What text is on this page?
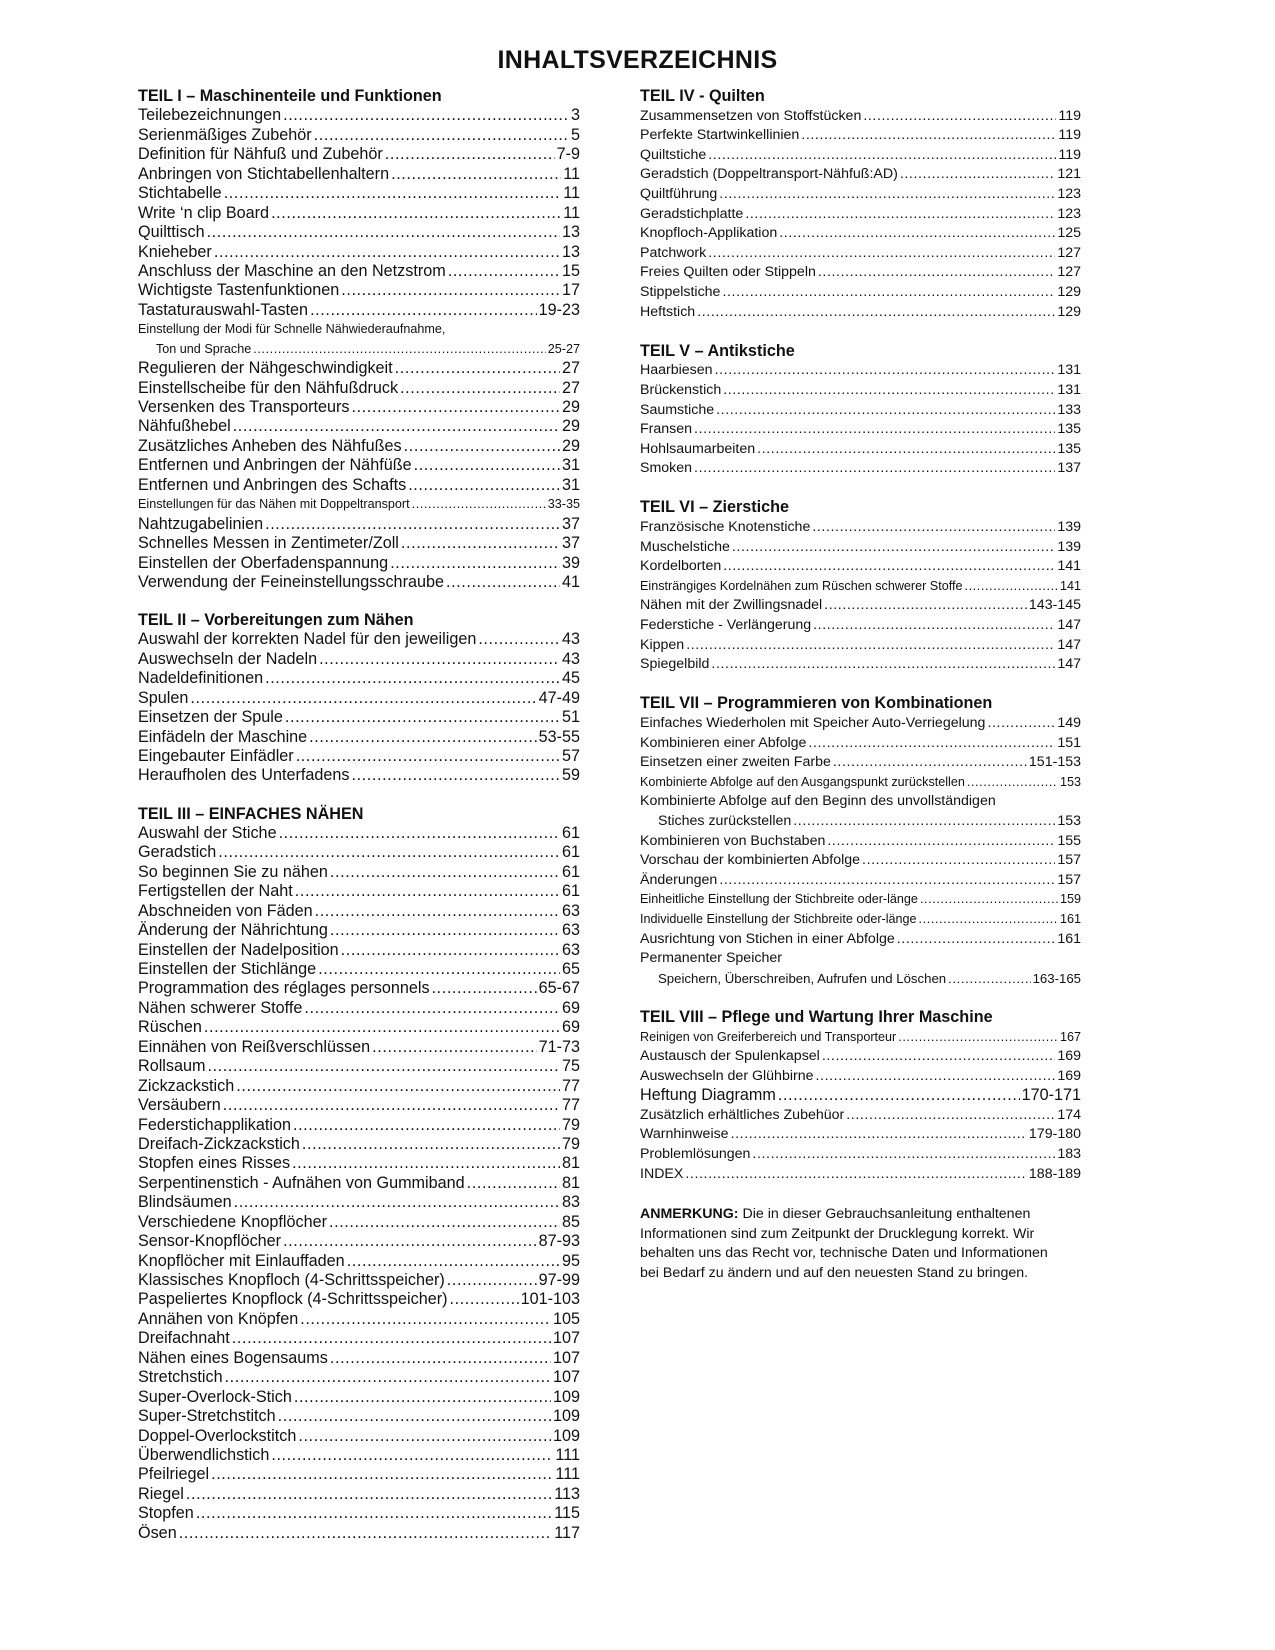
INHALTSVERZEICHNIS
TEIL I – Maschinenteile und Funktionen
Teilebezeichnungen .....	3
Serienmäßiges Zubehör .....	5
Definition für Nähfuß und Zubehör .....	7-9
Anbringen von Stichtabellenhaltern .....	11
Stichtabelle .....	11
Write ‘n clip Board .....	11
Quilttisch .....	13
Knieheber .....	13
Anschluss der Maschine an den Netzstrom .....	15
Wichtigste Tastenfunktionen .....	17
Tastaturauswahl-Tasten .....	19-23
Einstellung der Modi für Schnelle Nähwiederaufnahme,
Ton und Sprache .....	25-27
Regulieren der Nähgeschwindigkeit .....	27
Einstellscheibe für den Nähfußdruck .....	27
Versenken des Transporteurs .....	29
Nähfußhebel .....	29
Zusätzliches Anheben des Nähfußes .....	29
Entfernen und Anbringen der Nähfüße .....	31
Entfernen und Anbringen des Schafts .....	31
Einstellungen für das Nähen mit Doppeltransport .....	33-35
Nahtzugabelinien .....	37
Schnelles Messen in Zentimeter/Zoll .....	37
Einstellen der Oberfadenspannung .....	39
Verwendung der Feineinstellungsschraube .....	41
TEIL II – Vorbereitungen zum Nähen
Auswahl der korrekten Nadel für den jeweiligen .....	43
Auswechseln der Nadeln .....	43
Nadeldefinitionen .....	45
Spulen .....	47-49
Einsetzen der Spule .....	51
Einfädeln der Maschine .....	53-55
Eingebauter Einfädler .....	57
Heraufholen des Unterfadens .....	59
TEIL III – EINFACHES NÄHEN
Auswahl der Stiche .....	61
Geradstich .....	61
So beginnen Sie zu nähen .....	61
Fertigstellen der Naht .....	61
Abschneiden von Fäden .....	63
Änderung der Nährichtung .....	63
Einstellen der Nadelposition .....	63
Einstellen der Stichlänge .....	65
Programmation des réglages personnels .....	65-67
Nähen schwerer Stoffe .....	69
Rüschen .....	69
Einnähen von Reißverschlüssen .....	71-73
Rollsaum .....	75
Zickzackstich .....	77
Versäubern .....	77
Federstichapplikation .....	79
Dreifach-Zickzackstich .....	79
Stopfen eines Risses .....	81
Serpentinenstich - Aufnähen von Gummiband .....	81
Blindsäumen .....	83
Verschiedene Knopflöcher .....	85
Sensor-Knopflöcher .....	87-93
Knopflöcher mit Einlauffaden .....	95
Klassisches Knopfloch (4-Schrittsspeicher) .....	97-99
Paspeliertes Knopflock (4-Schrittsspeicher) .....	101-103
Annähen von Knöpfen .....	105
Dreifachnaht .....	107
Nähen eines Bogensaums .....	107
Stretchstich .....	107
Super-Overlock-Stich .....	109
Super-Stretchstitch .....	109
Doppel-Overlockstitch .....	109
Überwendlichstich .....	111
Pfeilriegel .....	111
Riegel .....	113
Stopfen .....	115
Ösen .....	117
TEIL IV - Quilten
Zusammensetzen von Stoffstücken .....	119
Perfekte Startwinkellinien .....	119
Quiltstiche .....	119
Geradstich (Doppeltransport-Nähfuß:AD) .....	121
Quiltführung .....	123
Geradstichplatte .....	123
Knopfloch-Applikation .....	125
Patchwork .....	127
Freies Quilten oder Stippeln .....	127
Stippelstiche .....	129
Heftstich .....	129
TEIL V – Antikstiche
Haarbiesen .....	131
Brückenstich .....	131
Saumstiche .....	133
Fransen .....	135
Hohlsaumarbeiten .....	135
Smoken .....	137
TEIL VI – Zierstiche
Französische Knotenstiche .....	139
Muschelstiche .....	139
Kordelborten .....	141
Einsträngiges Kordelnähen zum Rüschen schwerer Stoffe .....	141
Nähen mit der Zwillingsnadel .....	143-145
Federstiche - Verlängerung .....	147
Kippen .....	147
Spiegelbild .....	147
TEIL VII – Programmieren von Kombinationen
Einfaches Wiederholen mit Speicher Auto-Verriegelung .....	149
Kombinieren einer Abfolge .....	151
Einsetzen einer zweiten Farbe .....	151-153
Kombinierte Abfolge auf den Ausgangspunkt zurückstellen .....	153
Kombinierte Abfolge auf den Beginn des unvollständigen
Stiches zurückstellen .....	153
Kombinieren von Buchstaben .....	155
Vorschau der kombinierten Abfolge .....	157
Änderungen .....	157
Einheitliche Einstellung der Stichbreite oder-länge .....	159
Individuelle Einstellung der Stichbreite oder-länge .....	161
Ausrichtung von Stichen in einer Abfolge .....	161
Permanenter Speicher
Speichern, Überschreiben, Aufrufen und Löschen .....	163-165
TEIL VIII – Pflege und Wartung Ihrer Maschine
Reinigen von Greiferbereich und Transporteur .....	167
Austausch der Spulenkapsel .....	169
Auswechseln der Glühbirne .....	169
Heftung Diagramm .....	170-171
Zusätzlich erhältliches Zubehüor .....	174
Warnhinweise .....	179-180
Problemlösungen .....	183
INDEX .....	188-189

ANMERKUNG: Die in dieser Gebrauchsanleitung enthaltenen
Informationen sind zum Zeitpunkt der Drucklegung korrekt. Wir
behalten uns das Recht vor, technische Daten und Informationen
bei Bedarf zu ändern und auf den neuesten Stand zu bringen.
